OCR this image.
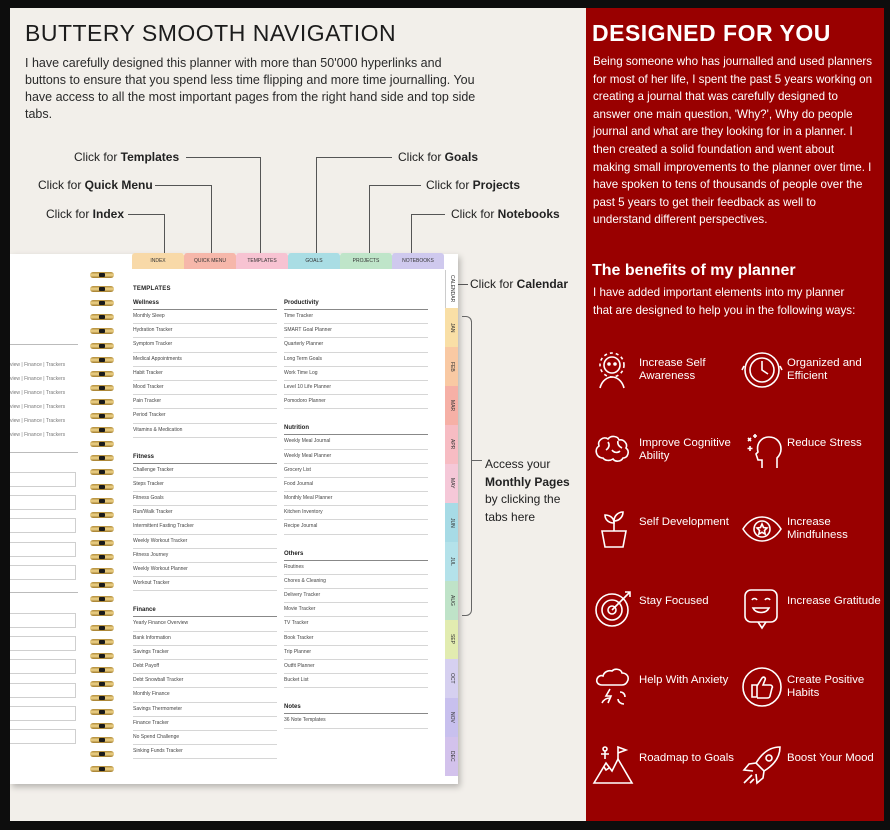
BUTTERY SMOOTH NAVIGATION
I have carefully designed this planner with more than 50'000 hyperlinks and buttons to ensure that you spend less time flipping and more time journalling. You have access to all the most important pages from the right hand side and top side tabs.
Click for Templates
Click for Quick Menu
Click for Index
Click for Goals
Click for Projects
Click for Notebooks
INDEX	QUICK MENU	TEMPLATES	GOALS	PROJECTS	NOTEBOOKS
CALENDAR
JAN
FEB
MAR
APR
MAY
JUN
JUL
AUG
SEP
OCT
NOV
DEC
view | Finance | Trackers
view | Finance | Trackers
view | Finance | Trackers
view | Finance | Trackers
view | Finance | Trackers
view | Finance | Trackers
TEMPLATES
Wellness
Monthly Sleep
Hydration Tracker
Symptom Tracker
Medical Appointments
Habit Tracker
Mood Tracker
Pain Tracker
Period Tracker
Vitamins & Medication
Fitness
Challenge Tracker
Steps Tracker
Fitness Goals
Run/Walk Tracker
Intermittent Fasting Tracker
Weekly Workout Tracker
Fitness Journey
Weekly Workout Planner
Workout Tracker
Finance
Yearly Finance Overview
Bank Information
Savings Tracker
Debt Payoff
Debt Snowball Tracker
Monthly Finance
Savings Thermometer
Finance Tracker
No Spend Challenge
Sinking Funds Tracker
Productivity
Time Tracker
SMART Goal Planner
Quarterly Planner
Long Term Goals
Work Time Log
Level 10 Life Planner
Pomodoro Planner
Nutrition
Weekly Meal Journal
Weekly Meal Planner
Grocery List
Food Journal
Monthly Meal Planner
Kitchen Inventory
Recipe Journal
Others
Routines
Chores & Cleaning
Delivery Tracker
Movie Tracker
TV Tracker
Book Tracker
Trip Planner
Outfit Planner
Bucket List
Notes
36 Note Templates
Click for Calendar
Access your
Monthly Pages
by clicking the tabs here
DESIGNED FOR YOU
Being someone who has journalled and used planners for most of her life, I spent the past 5 years working on creating a journal that was carefully designed to answer one main question, 'Why?', Why do people journal and what are they looking for in a planner. I then created a solid foundation and went about making small improvements to the planner over time. I have spoken to tens of thousands of people over the past 5 years to get their feedback as well to understand different perspectives.
The benefits of my planner
I have added important elements into my planner that are designed to help you in the following ways:
Increase Self Awareness
Organized and Efficient
Improve Cognitive Ability
Reduce Stress
Self Development	Increase Mindfulness
Stay Focused	Increase Gratitude
Help With Anxiety	Create Positive Habits
Roadmap to Goals	Boost Your Mood
